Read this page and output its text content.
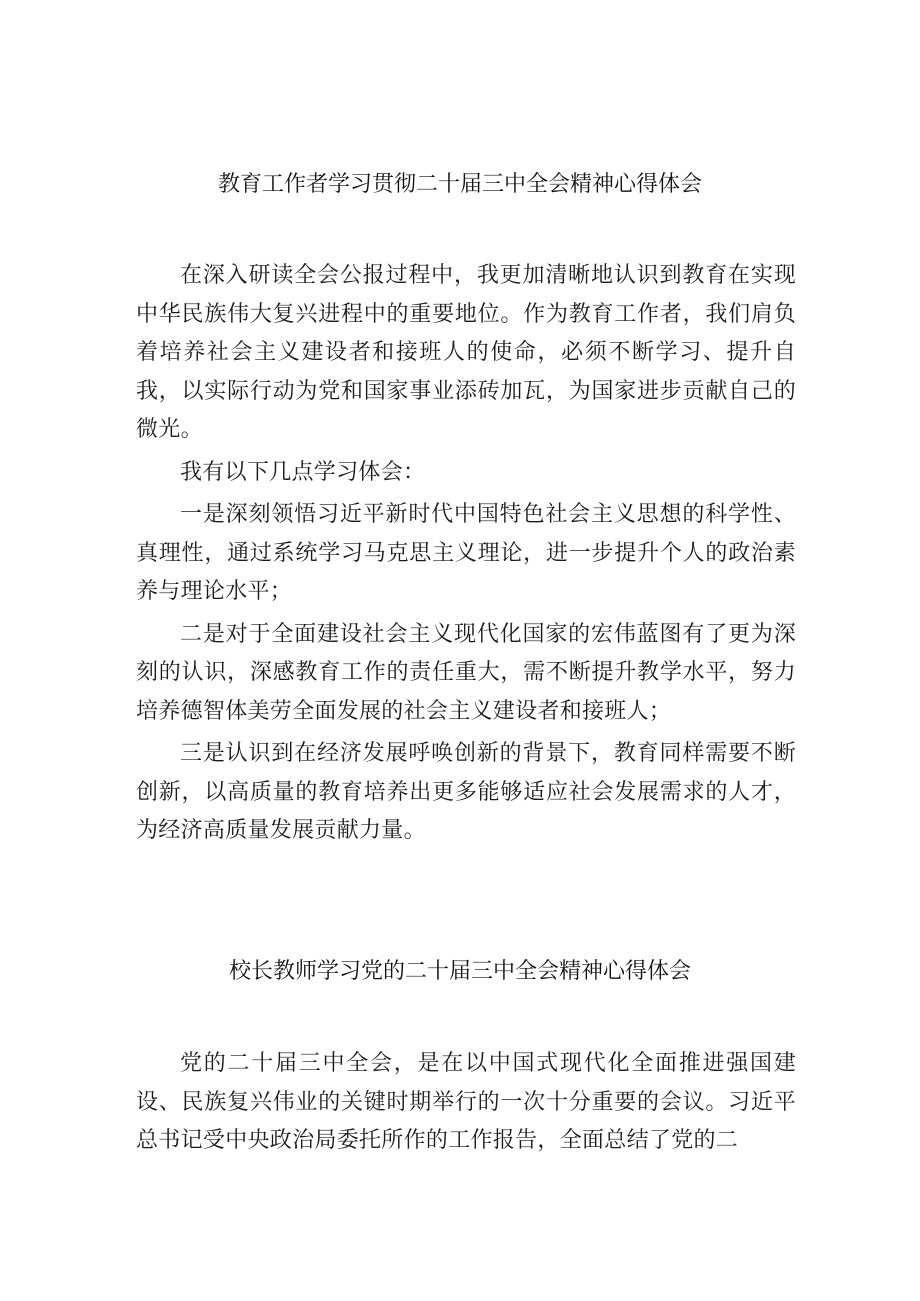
教育工作者学习贯彻二十届三中全会精神心得体会

在深入研读全会公报过程中，我更加清晰地认识到教育在实现中华民族伟大复兴进程中的重要地位。作为教育工作者，我们肩负着培养社会主义建设者和接班人的使命，必须不断学习、提升自我，以实际行动为党和国家事业添砖加瓦，为国家进步贡献自己的微光。

我有以下几点学习体会：

一是深刻领悟习近平新时代中国特色社会主义思想的科学性、真理性，通过系统学习马克思主义理论，进一步提升个人的政治素养与理论水平；

二是对于全面建设社会主义现代化国家的宏伟蓝图有了更为深刻的认识，深感教育工作的责任重大，需不断提升教学水平，努力培养德智体美劳全面发展的社会主义建设者和接班人；

三是认识到在经济发展呼唤创新的背景下，教育同样需要不断创新，以高质量的教育培养出更多能够适应社会发展需求的人才，为经济高质量发展贡献力量。

校长教师学习党的二十届三中全会精神心得体会

党的二十届三中全会，是在以中国式现代化全面推进强国建设、民族复兴伟业的关键时期举行的一次十分重要的会议。习近平总书记受中央政治局委托所作的工作报告，全面总结了党的二
